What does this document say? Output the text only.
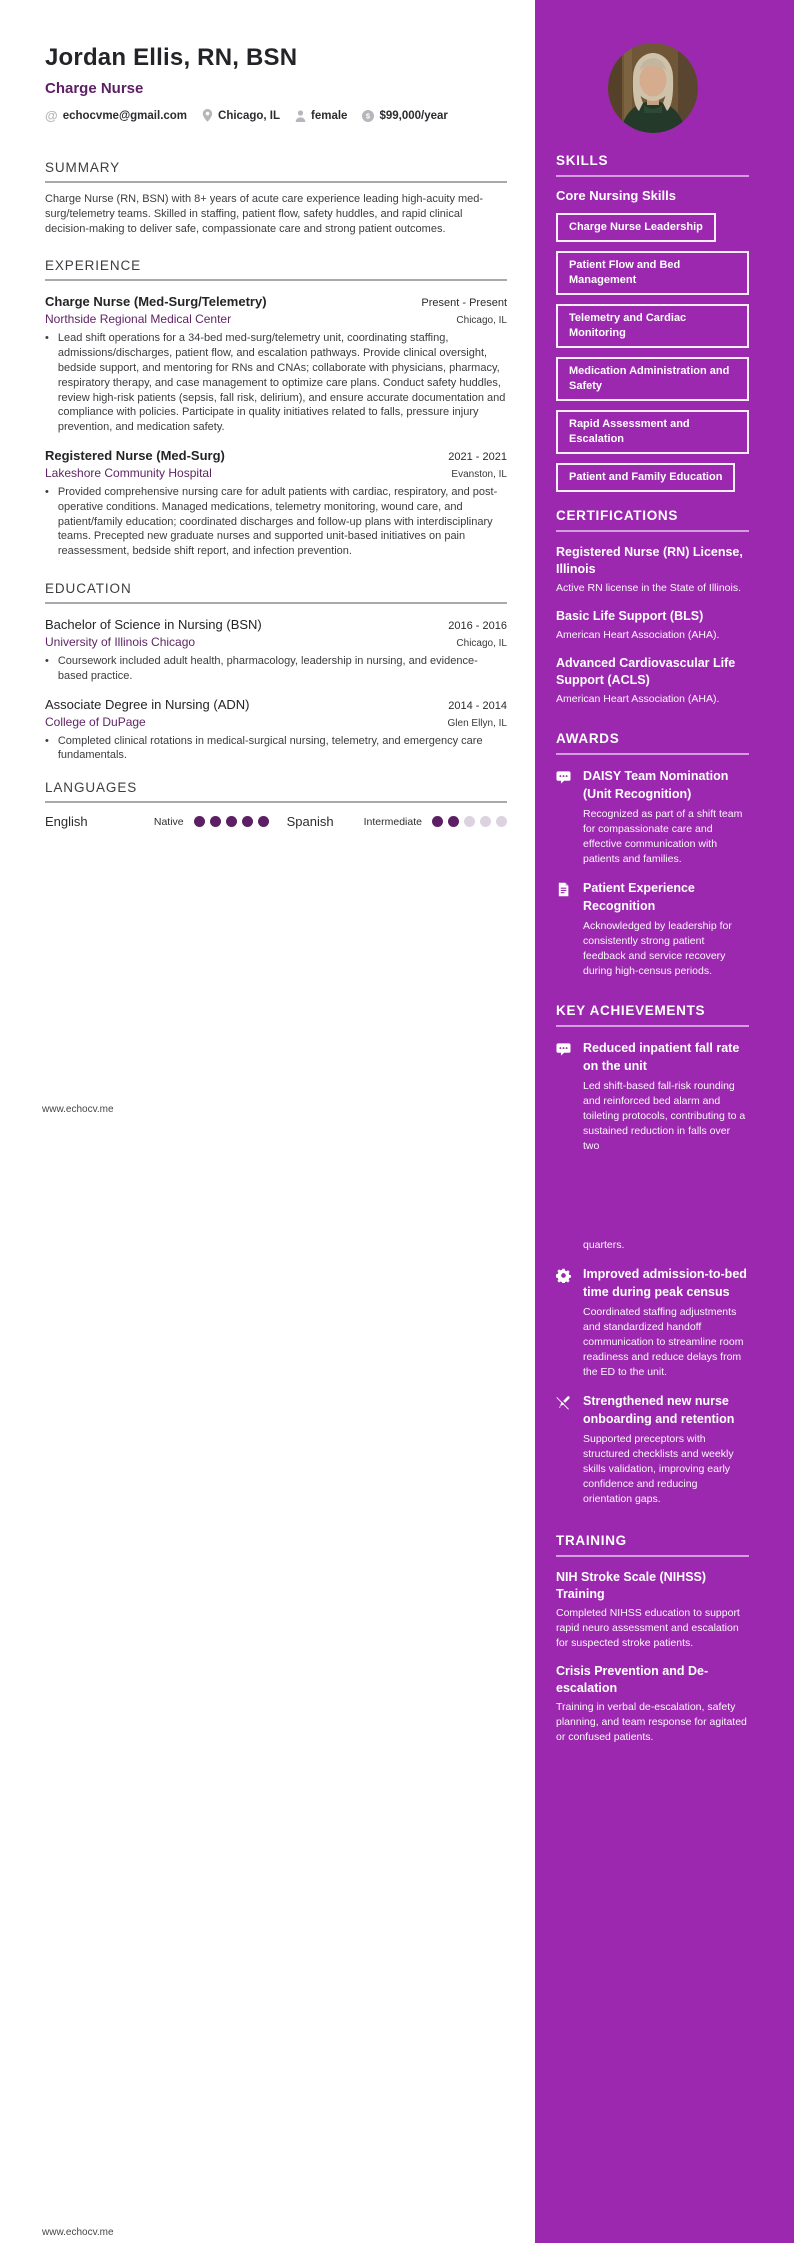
Jordan Ellis, RN, BSN
Charge Nurse
@ echocvme@gmail.com	Chicago, IL	female	$ $99,000/year
SUMMARY

Charge Nurse (RN, BSN) with 8+ years of acute care experience leading high-acuity med-surg/telemetry teams. Skilled in staffing, patient flow, safety huddles, and rapid clinical decision-making to deliver safe, compassionate care and strong patient outcomes.

EXPERIENCE
Charge Nurse (Med-Surg/Telemetry)	Present - Present
Northside Regional Medical Center	Chicago, IL
• Lead shift operations for a 34-bed med-surg/telemetry unit, coordinating staffing, admissions/discharges, patient flow, and escalation pathways. Provide clinical oversight, bedside support, and mentoring for RNs and CNAs; collaborate with physicians, pharmacy, respiratory therapy, and case management to optimize care plans. Conduct safety huddles, review high-risk patients (sepsis, fall risk, delirium), and ensure accurate documentation and compliance with policies. Participate in quality initiatives related to falls, pressure injury prevention, and medication safety.
Registered Nurse (Med-Surg)	2021 - 2021
Lakeshore Community Hospital	Evanston, IL
• Provided comprehensive nursing care for adult patients with cardiac, respiratory, and post-operative conditions. Managed medications, telemetry monitoring, wound care, and patient/family education; coordinated discharges and follow-up plans with interdisciplinary teams. Precepted new graduate nurses and supported unit-based initiatives on pain reassessment, bedside shift report, and infection prevention.
EDUCATION
Bachelor of Science in Nursing (BSN)	2016 - 2016
University of Illinois Chicago	Chicago, IL
• Coursework included adult health, pharmacology, leadership in nursing, and evidence-based practice.
Associate Degree in Nursing (ADN)	2014 - 2014
College of DuPage	Glen Ellyn, IL
• Completed clinical rotations in medical-surgical nursing, telemetry, and emergency care fundamentals.
LANGUAGES
English	Native	Spanish	Intermediate
SKILLS
Core Nursing Skills
Charge Nurse Leadership
Patient Flow and Bed Management
Telemetry and Cardiac Monitoring
Medication Administration and Safety
Rapid Assessment and Escalation
Patient and Family Education
CERTIFICATIONS
Registered Nurse (RN) License, Illinois
Active RN license in the State of Illinois.
Basic Life Support (BLS)
American Heart Association (AHA).
Advanced Cardiovascular Life Support (ACLS)
American Heart Association (AHA).
AWARDS
DAISY Team Nomination (Unit Recognition)
Recognized as part of a shift team for compassionate care and effective communication with patients and families.
Patient Experience Recognition
Acknowledged by leadership for consistently strong patient feedback and service recovery during high-census periods.
KEY ACHIEVEMENTS
Reduced inpatient fall rate on the unit
Led shift-based fall-risk rounding and reinforced bed alarm and toileting protocols, contributing to a sustained reduction in falls over two
quarters.
Improved admission-to-bed time during peak census
Coordinated staffing adjustments and standardized handoff communication to streamline room readiness and reduce delays from the ED to the unit.
Strengthened new nurse onboarding and retention
Supported preceptors with structured checklists and weekly skills validation, improving early confidence and reducing orientation gaps.
TRAINING
NIH Stroke Scale (NIHSS) Training
Completed NIHSS education to support rapid neuro assessment and escalation for suspected stroke patients.
Crisis Prevention and De-escalation
Training in verbal de-escalation, safety planning, and team response for agitated or confused patients.
www.echocv.me
www.echocv.me
